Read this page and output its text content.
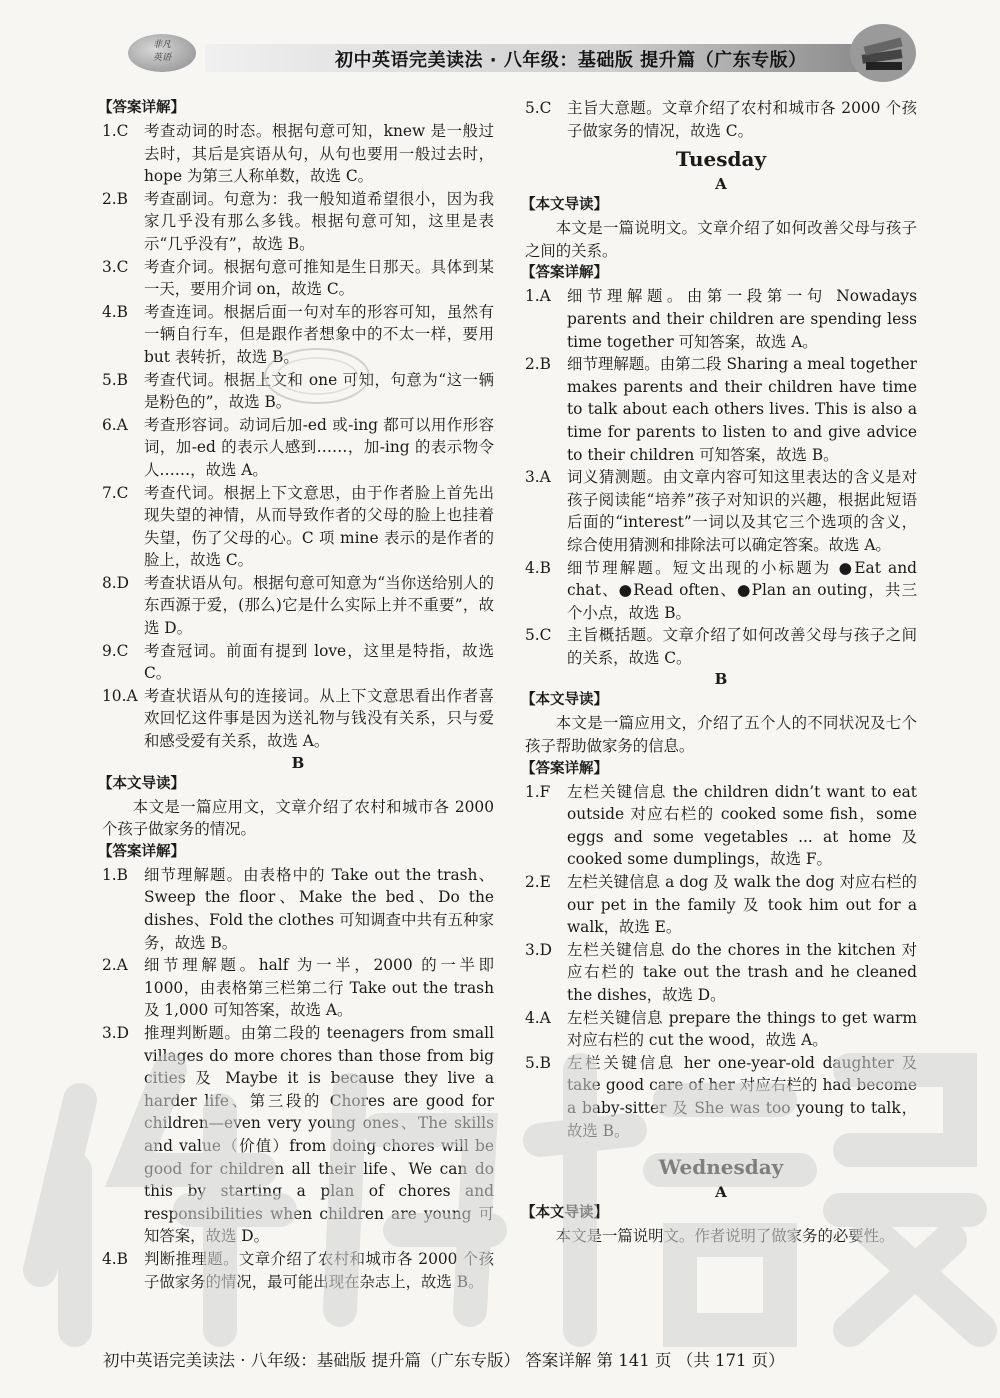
非凡
英语	初中英语完美读法 · 八年级：基础版 提升篇（广东专版）
【答案详解】
1.C 考查动词的时态。根据句意可知，knew 是一般过去时，其后是宾语从句，从句也要用一般过去时，hope 为第三人称单数，故选 C。
2.B 考查副词。句意为：我一般知道希望很小，因为我家几乎没有那么多钱。根据句意可知，这里是表示“几乎没有”，故选 B。
3.C 考查介词。根据句意可推知是生日那天。具体到某一天，要用介词 on，故选 C。
4.B 考查连词。根据后面一句对车的形容可知，虽然有一辆自行车，但是跟作者想象中的不太一样，要用 but 表转折，故选 B。
5.B 考查代词。根据上文和 one 可知，句意为“这一辆是粉色的”，故选 B。
6.A 考查形容词。动词后加-ed 或-ing 都可以用作形容词，加-ed 的表示人感到……，加-ing 的表示物令人……，故选 A。
7.C 考查代词。根据上下文意思，由于作者脸上首先出现失望的神情，从而导致作者的父母的脸上也挂着失望，伤了父母的心。C 项 mine 表示的是作者的脸上，故选 C。
8.D 考查状语从句。根据句意可知意为“当你送给别人的东西源于爱，(那么)它是什么实际上并不重要”，故选 D。
9.C 考查冠词。前面有提到 love，这里是特指，故选 C。
10.A 考查状语从句的连接词。从上下文意思看出作者喜欢回忆这件事是因为送礼物与钱没有关系，只与爱和感受爱有关系，故选 A。
B
【本文导读】
本文是一篇应用文，文章介绍了农村和城市各 2000 个孩子做家务的情况。
【答案详解】
1.B 细节理解题。由表格中的 Take out the trash、Sweep the floor、Make the bed、Do the dishes、Fold the clothes 可知调查中共有五种家务，故选 B。
2.A 细节理解题。half 为一半，2000 的一半即 1000，由表格第三栏第二行 Take out the trash 及 1,000 可知答案，故选 A。
3.D 推理判断题。由第二段的 teenagers from small villages do more chores than those from big cities 及 Maybe it is because they live a harder life、第三段的 Chores are good for children—even very young ones、The skills and value（价值）from doing chores will be good for children all their life、We can do this by starting a plan of chores and responsibilities when children are young 可知答案，故选 D。
4.B 判断推理题。文章介绍了农村和城市各 2000 个孩子做家务的情况，最可能出现在杂志上，故选 B。
5.C 主旨大意题。文章介绍了农村和城市各 2000 个孩子做家务的情况，故选 C。
Tuesday
A
【本文导读】
本文是一篇说明文。文章介绍了如何改善父母与孩子之间的关系。
【答案详解】
1.A 细节理解题。由第一段第一句 Nowadays parents and their children are spending less time together 可知答案，故选 A。
2.B 细节理解题。由第二段 Sharing a meal together makes parents and their children have time to talk about each others lives. This is also a time for parents to listen to and give advice to their children 可知答案，故选 B。
3.A 词义猜测题。由文章内容可知这里表达的含义是对孩子阅读能“培养”孩子对知识的兴趣，根据此短语后面的“interest”一词以及其它三个选项的含义，综合使用猜测和排除法可以确定答案。故选 A。
4.B 细节理解题。短文出现的小标题为 ●Eat and chat、●Read often、●Plan an outing，共三个小点，故选 B。
5.C 主旨概括题。文章介绍了如何改善父母与孩子之间的关系，故选 C。
B
【本文导读】
本文是一篇应用文，介绍了五个人的不同状况及七个孩子帮助做家务的信息。
【答案详解】
1.F 左栏关键信息 the children didn’t want to eat outside 对应右栏的 cooked some fish，some eggs and some vegetables ... at home 及 cooked some dumplings，故选 F。
2.E 左栏关键信息 a dog 及 walk the dog 对应右栏的 our pet in the family 及 took him out for a walk，故选 E。
3.D 左栏关键信息 do the chores in the kitchen 对应右栏的 take out the trash and he cleaned the dishes，故选 D。
4.A 左栏关键信息 prepare the things to get warm 对应右栏的 cut the wood，故选 A。
5.B 左栏关键信息 her one-year-old daughter 及 take good care of her 对应右栏的 had become a baby-sitter 及 She was too young to talk，故选 B。
Wednesday
A
【本文导读】
本文是一篇说明文。作者说明了做家务的必要性。
初中英语完美读法 · 八年级：基础版 提升篇（广东专版） 答案详解 第 141 页 （共 171 页）
